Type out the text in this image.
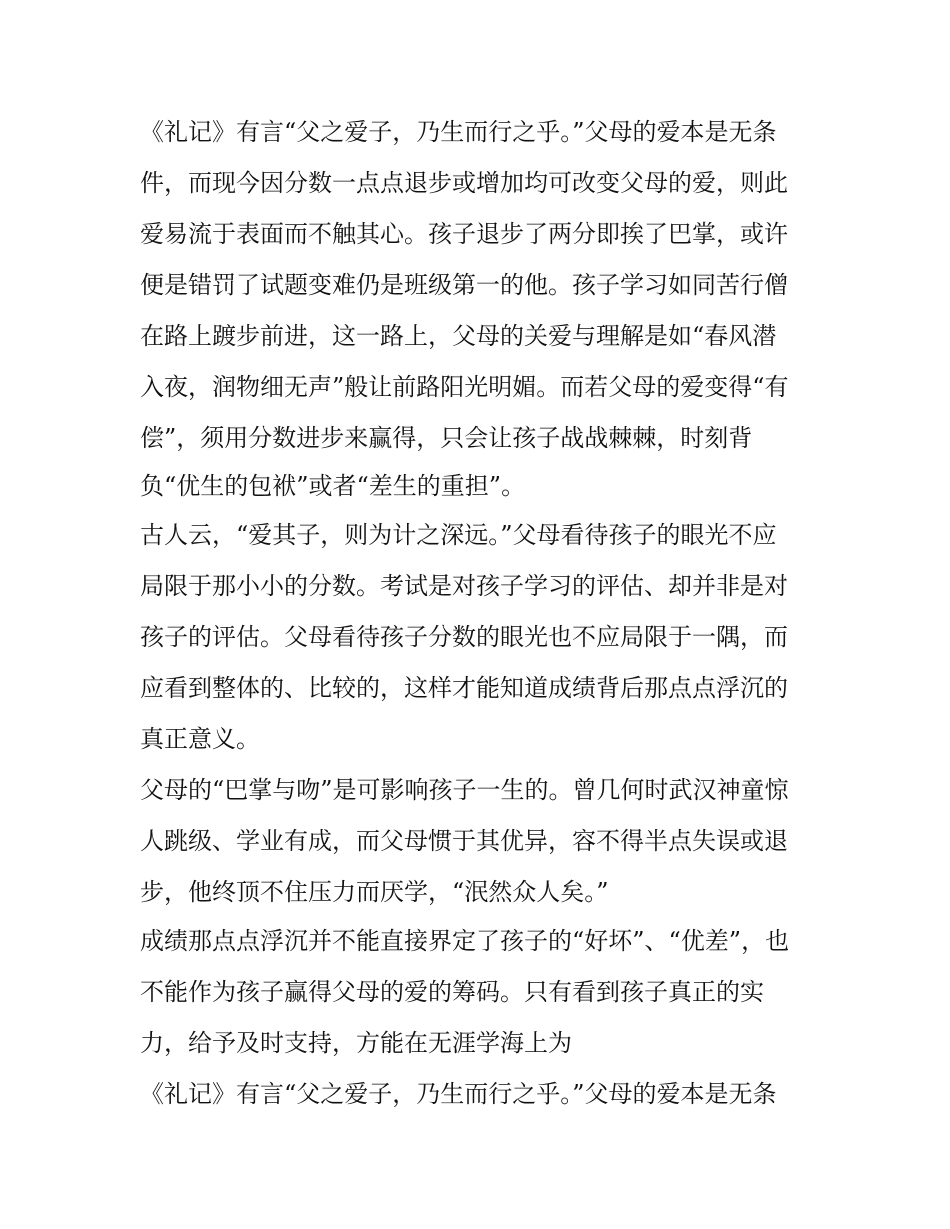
《礼记》有言“父之爱子，乃生而行之乎。”父母的爱本是无条

件，而现今因分数一点点退步或增加均可改变父母的爱，则此

爱易流于表面而不触其心。孩子退步了两分即挨了巴掌，或许

便是错罚了试题变难仍是班级第一的他。孩子学习如同苦行僧

在路上踱步前进，这一路上，父母的关爱与理解是如“春风潜

入夜，润物细无声”般让前路阳光明媚。而若父母的爱变得“有

偿”，须用分数进步来赢得，只会让孩子战战棘棘，时刻背

负“优生的包袱”或者“差生的重担”。

古人云，“爱其子，则为计之深远。”父母看待孩子的眼光不应

局限于那小小的分数。考试是对孩子学习的评估、却并非是对

孩子的评估。父母看待孩子分数的眼光也不应局限于一隅，而

应看到整体的、比较的，这样才能知道成绩背后那点点浮沉的

真正意义。

父母的“巴掌与吻”是可影响孩子一生的。曾几何时武汉神童惊

人跳级、学业有成，而父母惯于其优异，容不得半点失误或退

步，他终顶不住压力而厌学，“泯然众人矣。”

成绩那点点浮沉并不能直接界定了孩子的“好坏”、“优差”，也

不能作为孩子赢得父母的爱的筹码。只有看到孩子真正的实

力，给予及时支持，方能在无涯学海上为

《礼记》有言“父之爱子，乃生而行之乎。”父母的爱本是无条
